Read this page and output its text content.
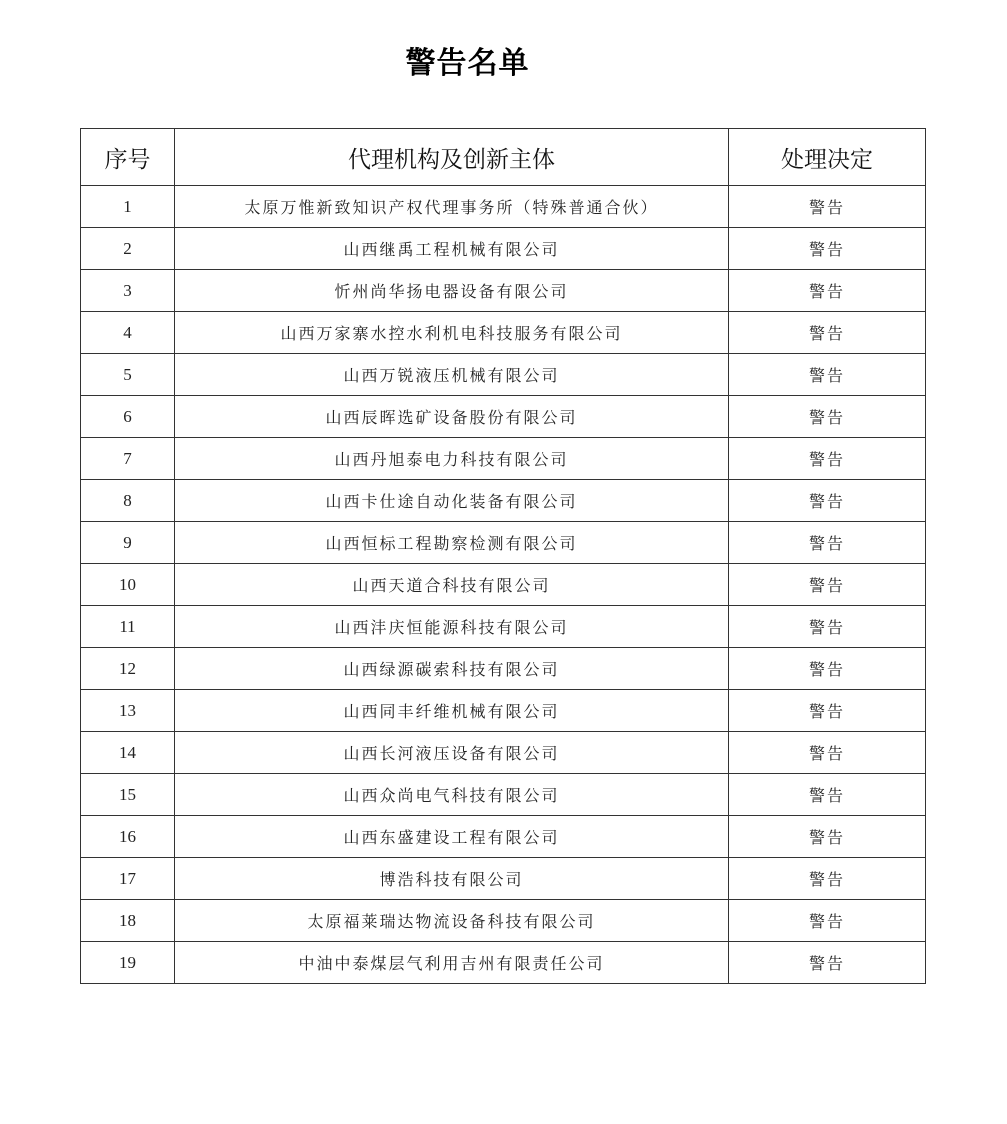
警告名单
序号	代理机构及创新主体	处理决定
1	太原万惟新致知识产权代理事务所（特殊普通合伙）	警告
2	山西继禹工程机械有限公司	警告
3	忻州尚华扬电器设备有限公司	警告
4	山西万家寨水控水利机电科技服务有限公司	警告
5	山西万锐液压机械有限公司	警告
6	山西辰晖选矿设备股份有限公司	警告
7	山西丹旭泰电力科技有限公司	警告
8	山西卡仕途自动化装备有限公司	警告
9	山西恒标工程勘察检测有限公司	警告
10	山西天道合科技有限公司	警告
11	山西沣庆恒能源科技有限公司	警告
12	山西绿源碳索科技有限公司	警告
13	山西同丰纤维机械有限公司	警告
14	山西长河液压设备有限公司	警告
15	山西众尚电气科技有限公司	警告
16	山西东盛建设工程有限公司	警告
17	博浩科技有限公司	警告
18	太原福莱瑞达物流设备科技有限公司	警告
19	中油中泰煤层气利用吉州有限责任公司	警告
